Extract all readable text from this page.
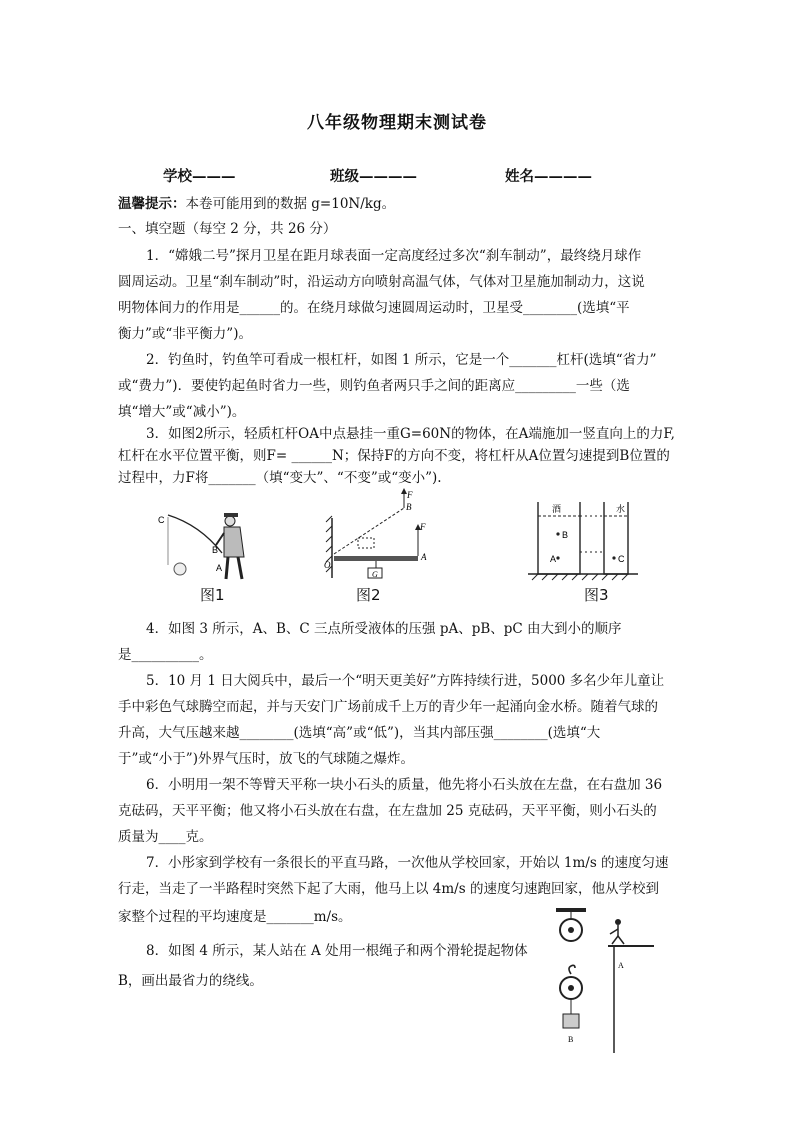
八年级物理期末测试卷
学校———	班级————	姓名————
温馨提示：本卷可能用到的数据 g=10N/kg。
一、填空题（每空 2 分，共 26 分）
1．“嫦娥二号”探月卫星在距月球表面一定高度经过多次“刹车制动”，最终绕月球作
圆周运动。卫星“刹车制动”时，沿运动方向喷射高温气体，气体对卫星施加制动力，这说
明物体间力的作用是______的。在绕月球做匀速圆周运动时，卫星受________(选填“平
衡力”或“非平衡力”)。
2．钓鱼时，钓鱼竿可看成一根杠杆，如图 1 所示，它是一个_______杠杆(选填“省力”
或“费力”)．要使钓起鱼时省力一些，则钓鱼者两只手之间的距离应_________一些（选
填“增大”或“减小”)。
3．如图2所示，轻质杠杆OA中点悬挂一重G=60N的物体，在A端施加一竖直向上的力F,
杠杆在水平位置平衡，则F= ______N；保持F的方向不变，将杠杆从A位置匀速提到B位置的
过程中，力F将_______（填“变大”、“不变”或“变小”).
C
B
A
图1
O
A
B
F
F
G
图2
酒	水
B
A	C
图3
4．如图 3 所示，A、B、C 三点所受液体的压强 pA、pB、pC 由大到小的顺序
是__________。
5．10 月 1 日大阅兵中，最后一个“明天更美好”方阵持续行进，5000 多名少年儿童让
手中彩色气球腾空而起，并与天安门广场前成千上万的青少年一起涌向金水桥。随着气球的
升高，大气压越来越________(选填“高”或“低”)，当其内部压强________(选填“大
于”或“小于”)外界气压时，放飞的气球随之爆炸。
6．小明用一架不等臂天平称一块小石头的质量，他先将小石头放在左盘，在右盘加 36
克砝码，天平平衡；他又将小石头放在右盘，在左盘加 25 克砝码，天平平衡，则小石头的
质量为____克。
7．小彤家到学校有一条很长的平直马路，一次他从学校回家，开始以 1m/s 的速度匀速
行走，当走了一半路程时突然下起了大雨，他马上以 4m/s 的速度匀速跑回家，他从学校到
家整个过程的平均速度是_______m/s。
8．如图 4 所示，某人站在 A 处用一根绳子和两个滑轮提起物体
B，画出最省力的绕线。
B
A
